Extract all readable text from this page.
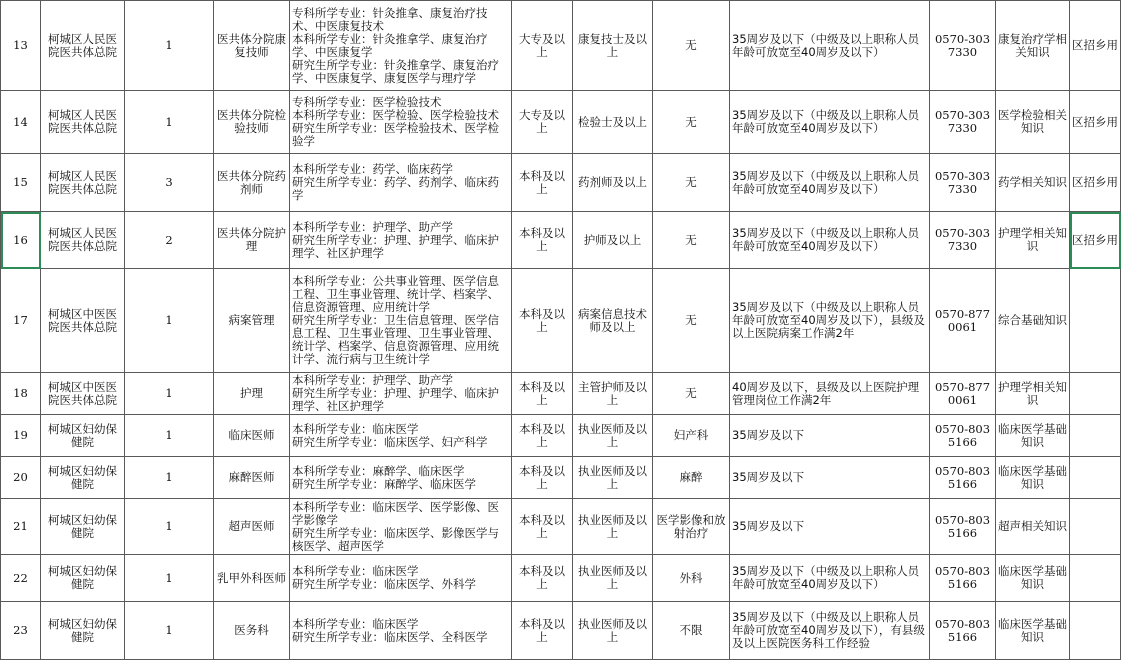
13	柯城区人民医院医共体总院	1	医共体分院康复技师	专科所学专业：针灸推拿、康复治疗技术、中医康复技术
本科所学专业：针灸推拿学、康复治疗学、中医康复学
研究生所学专业：针灸推拿学、康复治疗学、中医康复学、康复医学与理疗学	大专及以上	康复技士及以上	无	35周岁及以下（中级及以上职称人员年龄可放宽至40周岁及以下）	0570-3037330	康复治疗学相关知识	区招乡用
14	柯城区人民医院医共体总院	1	医共体分院检验技师	专科所学专业：医学检验技术
本科所学专业：医学检验、医学检验技术
研究生所学专业：医学检验技术、医学检验学	大专及以上	检验士及以上	无	35周岁及以下（中级及以上职称人员年龄可放宽至40周岁及以下）	0570-3037330	医学检验相关知识	区招乡用
15	柯城区人民医院医共体总院	3	医共体分院药剂师	本科所学专业：药学、临床药学
研究生所学专业：药学、药剂学、临床药学	本科及以上	药剂师及以上	无	35周岁及以下（中级及以上职称人员年龄可放宽至40周岁及以下）	0570-3037330	药学相关知识	区招乡用
16	柯城区人民医院医共体总院	2	医共体分院护理	本科所学专业：护理学、助产学
研究生所学专业：护理、护理学、临床护理学、社区护理学	本科及以上	护师及以上	无	35周岁及以下（中级及以上职称人员年龄可放宽至40周岁及以下）	0570-3037330	护理学相关知识	区招乡用
17	柯城区中医医院医共体总院	1	病案管理	本科所学专业：公共事业管理、医学信息工程、卫生事业管理、统计学、档案学、信息资源管理、应用统计学
研究生所学专业：卫生信息管理、医学信息工程、卫生事业管理、卫生事业管理、统计学、档案学、信息资源管理、应用统计学、流行病与卫生统计学	本科及以上	病案信息技术师及以上	无	35周岁及以下（中级及以上职称人员年龄可放宽至40周岁及以下），县级及以上医院病案工作满2年	0570-8770061	综合基础知识	
18	柯城区中医医院医共体总院	1	护理	本科所学专业：护理学、助产学
研究生所学专业：护理、护理学、临床护理学、社区护理学	本科及以上	主管护师及以上	无	40周岁及以下，县级及以上医院护理管理岗位工作满2年	0570-8770061	护理学相关知识	
19	柯城区妇幼保健院	1	临床医师	本科所学专业：临床医学
研究生所学专业：临床医学、妇产科学	本科及以上	执业医师及以上	妇产科	35周岁及以下	0570-8035166	临床医学基础知识	
20	柯城区妇幼保健院	1	麻醉医师	本科所学专业：麻醉学、临床医学
研究生所学专业：麻醉学、临床医学	本科及以上	执业医师及以上	麻醉	35周岁及以下	0570-8035166	临床医学基础知识	
21	柯城区妇幼保健院	1	超声医师	本科所学专业：临床医学、医学影像、医学影像学
研究生所学专业：临床医学、影像医学与核医学、超声医学	本科及以上	执业医师及以上	医学影像和放射治疗	35周岁及以下	0570-8035166	超声相关知识	
22	柯城区妇幼保健院	1	乳甲外科医师	本科所学专业：临床医学
研究生所学专业：临床医学、外科学	本科及以上	执业医师及以上	外科	35周岁及以下（中级及以上职称人员年龄可放宽至40周岁及以下）	0570-8035166	临床医学基础知识	
23	柯城区妇幼保健院	1	医务科	本科所学专业：临床医学
研究生所学专业：临床医学、全科医学	本科及以上	执业医师及以上	不限	35周岁及以下（中级及以上职称人员年龄可放宽至40周岁及以下），有县级及以上医院医务科工作经验	0570-8035166	临床医学基础知识	
